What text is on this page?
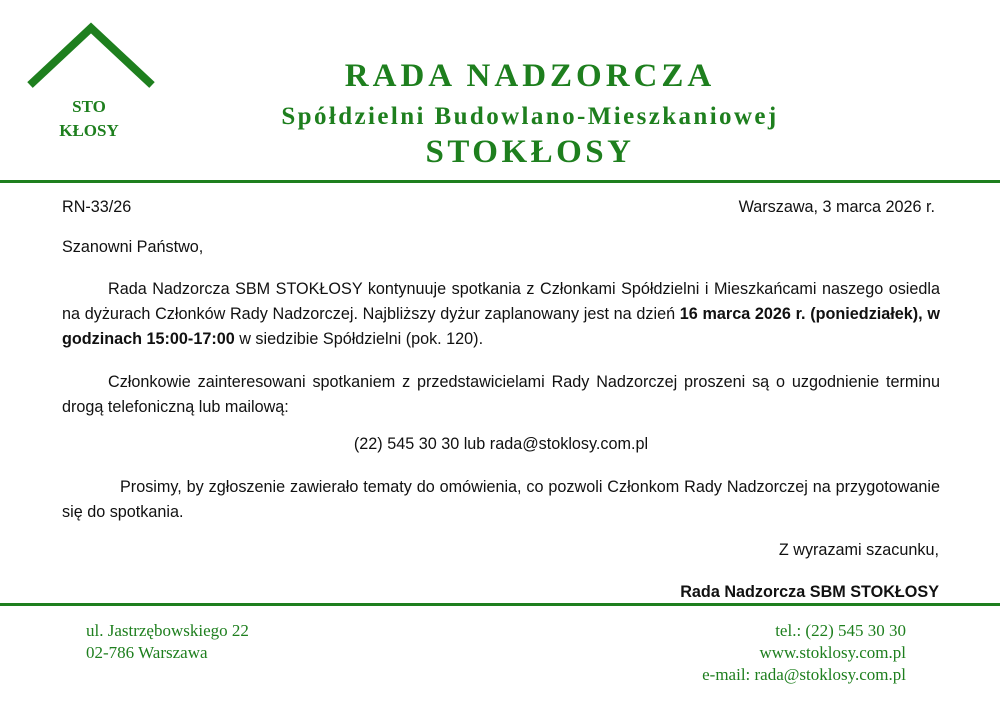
STO
KŁOSY
RADA NADZORCZA
Spółdzielni Budowlano-Mieszkaniowej
STOKŁOSY
RN-33/26	Warszawa, 3 marca 2026 r.
Szanowni Państwo,
Rada Nadzorcza SBM STOKŁOSY kontynuuje spotkania z Członkami Spółdzielni i Mieszkańcami naszego osiedla na dyżurach Członków Rady Nadzorczej. Najbliższy dyżur zaplanowany jest na dzień 16 marca 2026 r. (poniedziałek), w godzinach 15:00-17:00 w siedzibie Spółdzielni (pok. 120).
Członkowie zainteresowani spotkaniem z przedstawicielami Rady Nadzorczej proszeni są o uzgodnienie terminu drogą telefoniczną lub mailową:
(22) 545 30 30 lub rada@stoklosy.com.pl
Prosimy, by zgłoszenie zawierało tematy do omówienia, co pozwoli Członkom Rady Nadzorczej na przygotowanie się do spotkania.
Z wyrazami szacunku,
Rada Nadzorcza SBM STOKŁOSY
ul. Jastrzębowskiego 22
02-786 Warszawa
tel.: (22) 545 30 30
www.stoklosy.com.pl
e-mail: rada@stoklosy.com.pl
